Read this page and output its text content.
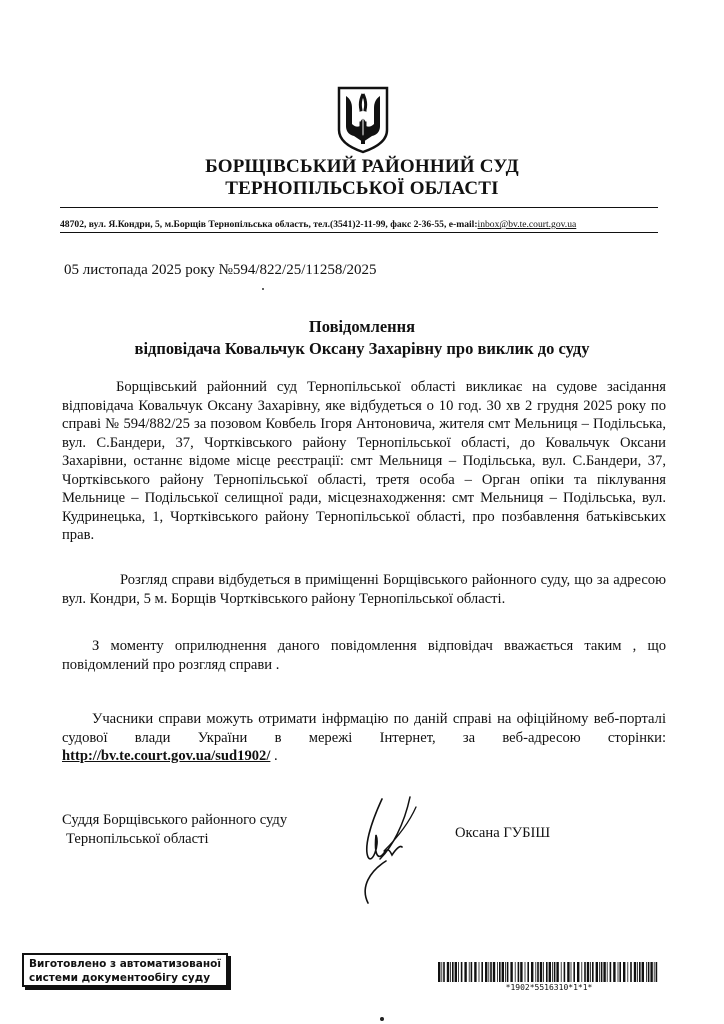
БОРЩІВСЬКИЙ РАЙОННИЙ СУД
ТЕРНОПІЛЬСЬКОЇ ОБЛАСТІ
48702, вул. Я.Кондри, 5, м.Борщів Тернопільська область, тел.(3541)2-11-99, факс 2-36-55, e-mail:inbox@bv.te.court.gov.ua
05 листопада 2025 року №594/822/25/11258/2025
Повідомлення
відповідача Ковальчук Оксану Захарівну про виклик до суду

Борщівський районний суд Тернопільської області викликає на судове засідання відповідача Ковальчук Оксану Захарівну, яке відбудеться о 10 год. 30 хв 2 грудня 2025 року по справі № 594/882/25 за позовом Ковбель Ігоря Антоновича, жителя смт Мельниця – Подільська, вул. С.Бандери, 37, Чортківського району Тернопільської області, до Ковальчук Оксани Захарівни, останнє відоме місце реєстрації: смт Мельниця – Подільська, вул. С.Бандери, 37, Чортківського району Тернопільської області, третя особа – Орган опіки та піклування Мельнице – Подільської селищної ради, місцезнаходження: смт Мельниця – Подільська, вул. Кудринецька, 1, Чортківського району Тернопільської області, про позбавлення батьківських прав.

Розгляд справи відбудеться в приміщенні Борщівського районного суду, що за адресою вул. Кондри, 5 м. Борщів Чортківського району Тернопільської області.

З моменту оприлюднення даного повідомлення відповідач вважається таким , що повідомлений про розгляд справи .

Учасники справи можуть отримати інфрмацію по даній справі на офіційному веб-порталі судової влади України в мережі Інтернет, за веб-адресою сторінки: http://bv.te.court.gov.ua/sud1902/ .

Суддя Борщівського районного суду
Тернопільської області	Оксана ГУБІШ
Виготовлено з автоматизованої
системи документообігу суду
*1902*5516310*1*1*
